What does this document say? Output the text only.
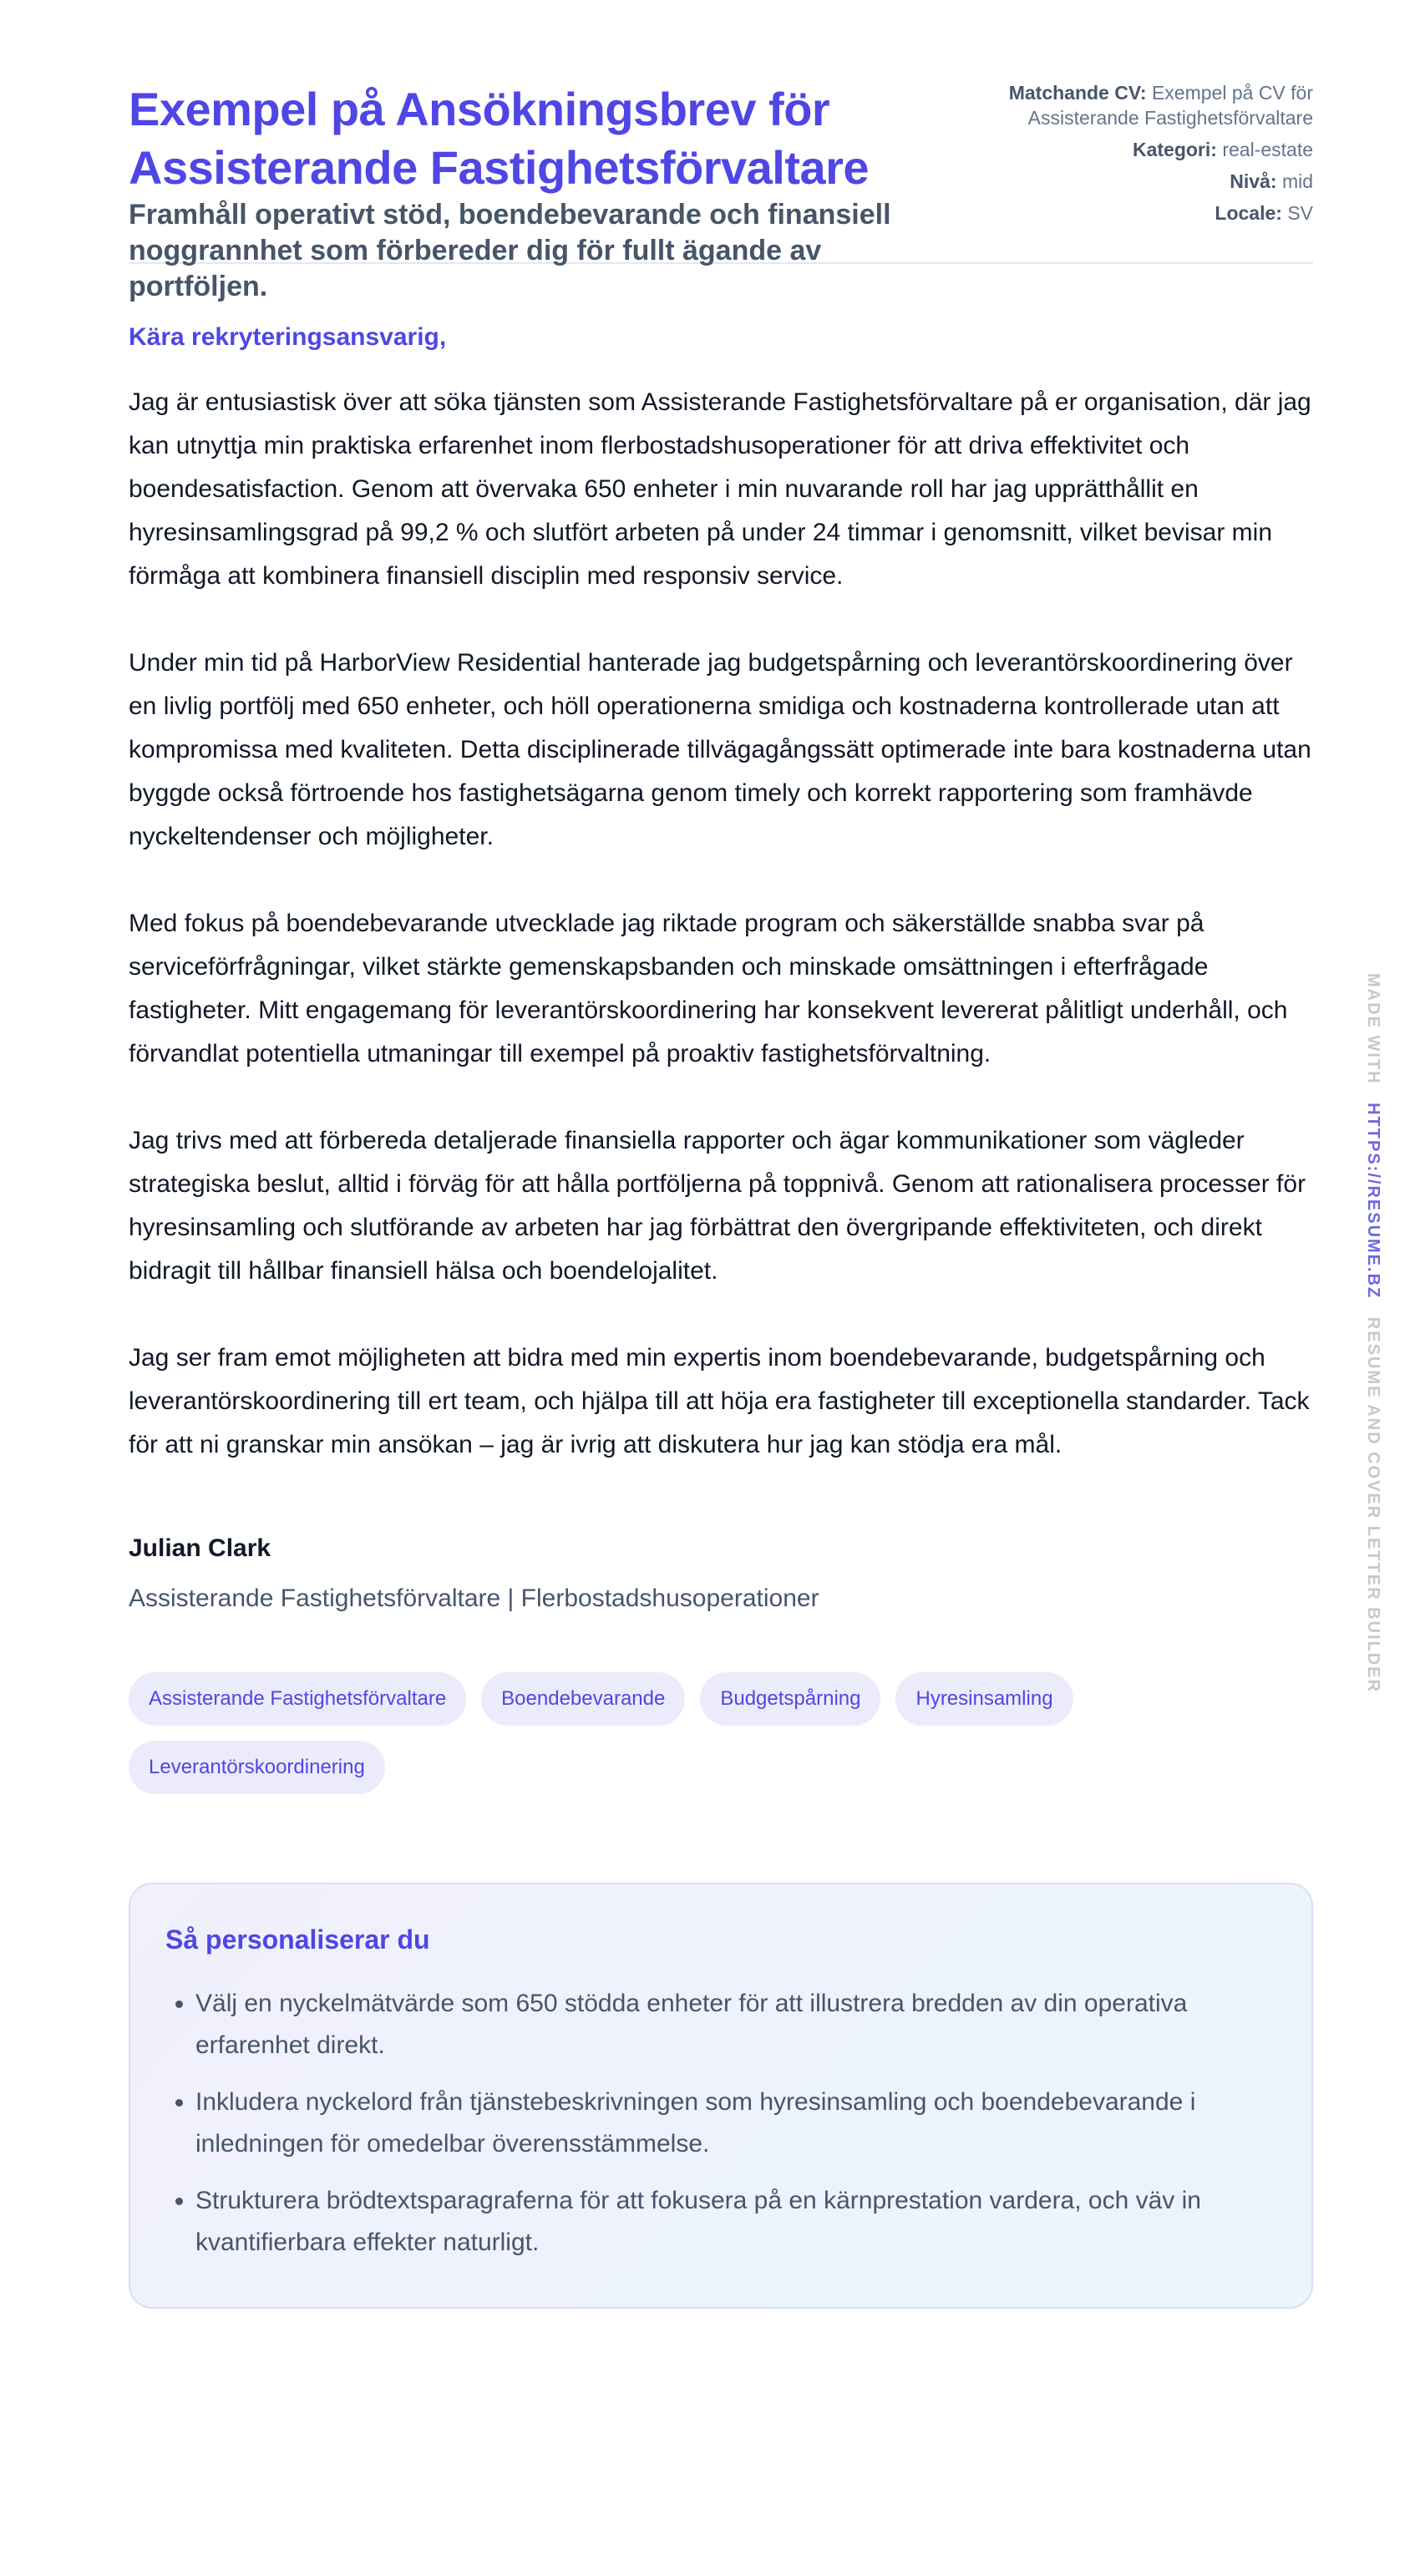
Exempel på Ansökningsbrev för Assisterande Fastighetsförvaltare
Framhåll operativt stöd, boendebevarande och finansiell noggrannhet som förbereder dig för fullt ägande av portföljen.
Matchande CV: Exempel på CV för Assisterande Fastighetsförvaltare
Kategori: real-estate
Nivå: mid
Locale: SV

Kära rekryteringsansvarig,

Jag är entusiastisk över att söka tjänsten som Assisterande Fastighetsförvaltare på er organisation, där jag kan utnyttja min praktiska erfarenhet inom flerbostadshusoperationer för att driva effektivitet och boendesatisfaction. Genom att övervaka 650 enheter i min nuvarande roll har jag upprätthållit en hyresinsamlingsgrad på 99,2 % och slutfört arbeten på under 24 timmar i genomsnitt, vilket bevisar min förmåga att kombinera finansiell disciplin med responsiv service.

Under min tid på HarborView Residential hanterade jag budgetspårning och leverantörskoordinering över en livlig portfölj med 650 enheter, och höll operationerna smidiga och kostnaderna kontrollerade utan att kompromissa med kvaliteten. Detta disciplinerade tillvägagångssätt optimerade inte bara kostnaderna utan byggde också förtroende hos fastighetsägarna genom timely och korrekt rapportering som framhävde nyckeltendenser och möjligheter.

Med fokus på boendebevarande utvecklade jag riktade program och säkerställde snabba svar på serviceförfrågningar, vilket stärkte gemenskapsbanden och minskade omsättningen i efterfrågade fastigheter. Mitt engagemang för leverantörskoordinering har konsekvent levererat pålitligt underhåll, och förvandlat potentiella utmaningar till exempel på proaktiv fastighetsförvaltning.

Jag trivs med att förbereda detaljerade finansiella rapporter och ägar kommunikationer som vägleder strategiska beslut, alltid i förväg för att hålla portföljerna på toppnivå. Genom att rationalisera processer för hyresinsamling och slutförande av arbeten har jag förbättrat den övergripande effektiviteten, och direkt bidragit till hållbar finansiell hälsa och boendelojalitet.

Jag ser fram emot möjligheten att bidra med min expertis inom boendebevarande, budgetspårning och leverantörskoordinering till ert team, och hjälpa till att höja era fastigheter till exceptionella standarder. Tack för att ni granskar min ansökan – jag är ivrig att diskutera hur jag kan stödja era mål.

Julian Clark
Assisterande Fastighetsförvaltare | Flerbostadshusoperationer
Assisterande Fastighetsförvaltare	Boendebevarande	Budgetspårning	Hyresinsamling
Leverantörskoordinering
Så personaliserar du
• Välj en nyckelmätvärde som 650 stödda enheter för att illustrera bredden av din operativa erfarenhet direkt.
• Inkludera nyckelord från tjänstebeskrivningen som hyresinsamling och boendebevarande i inledningen för omedelbar överensstämmelse.
• Strukturera brödtextsparagraferna för att fokusera på en kärnprestation vardera, och väv in kvantifierbara effekter naturligt.
MADE WITH HTTPS://RESUME.BZ RESUME AND COVER LETTER BUILDER
